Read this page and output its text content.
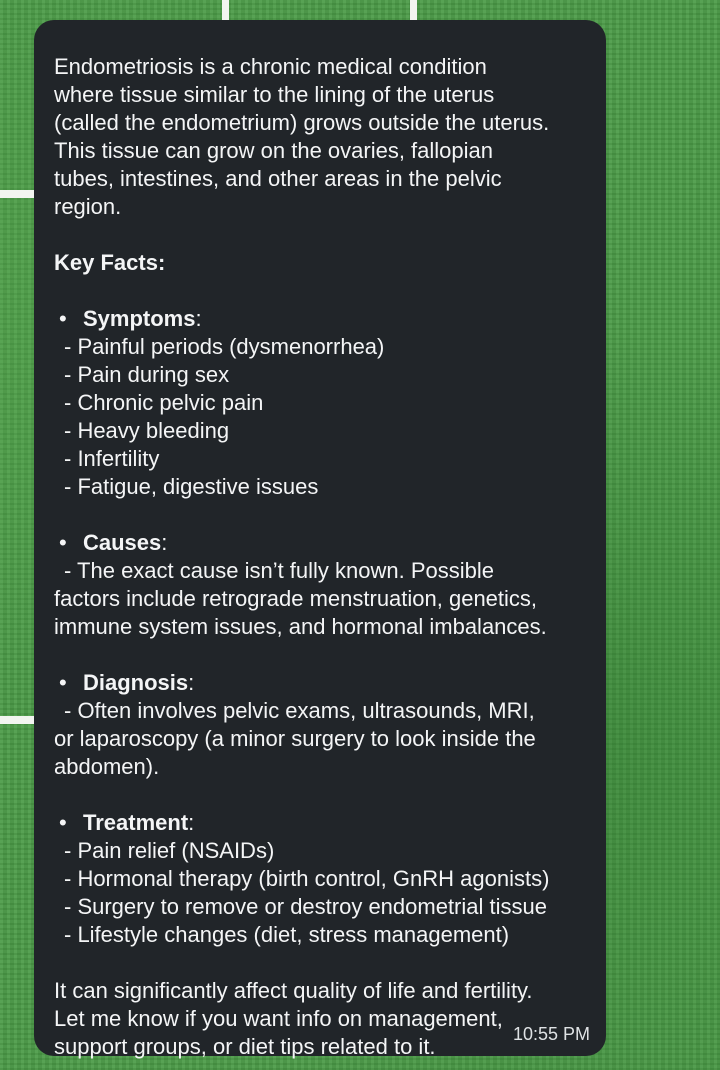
Endometriosis is a chronic medical condition

where tissue similar to the lining of the uterus

(called the endometrium) grows outside the uterus.

This tissue can grow on the ovaries, fallopian

tubes, intestines, and other areas in the pelvic

region.

Key Facts:

• Symptoms:

- Painful periods (dysmenorrhea)

- Pain during sex

- Chronic pelvic pain

- Heavy bleeding

- Infertility

- Fatigue, digestive issues

• Causes:

- The exact cause isn’t fully known. Possible

factors include retrograde menstruation, genetics,

immune system issues, and hormonal imbalances.

• Diagnosis:

- Often involves pelvic exams, ultrasounds, MRI,

or laparoscopy (a minor surgery to look inside the

abdomen).

• Treatment:

- Pain relief (NSAIDs)

- Hormonal therapy (birth control, GnRH agonists)

- Surgery to remove or destroy endometrial tissue

- Lifestyle changes (diet, stress management)

It can significantly affect quality of life and fertility.

Let me know if you want info on management,

support groups, or diet tips related to it.	10:55 PM
